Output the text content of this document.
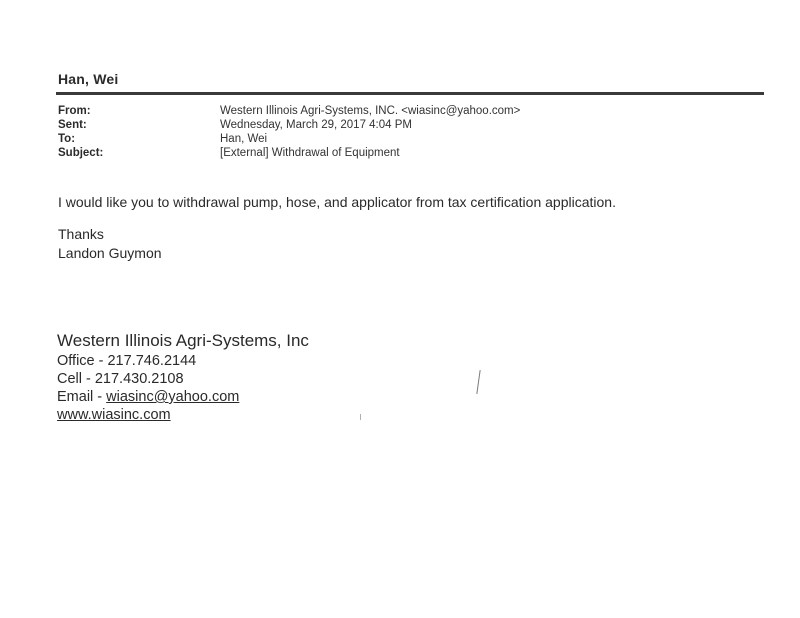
Han, Wei
From:	Western Illinois Agri-Systems, INC. <wiasinc@yahoo.com>
Sent:	Wednesday, March 29, 2017 4:04 PM
To:	Han, Wei
Subject:	[External] Withdrawal of Equipment
I would like you to withdrawal pump, hose, and applicator from tax certification application.
Thanks
Landon Guymon
Western Illinois Agri-Systems, Inc
Office - 217.746.2144
Cell - 217.430.2108
Email - wiasinc@yahoo.com
www.wiasinc.com
